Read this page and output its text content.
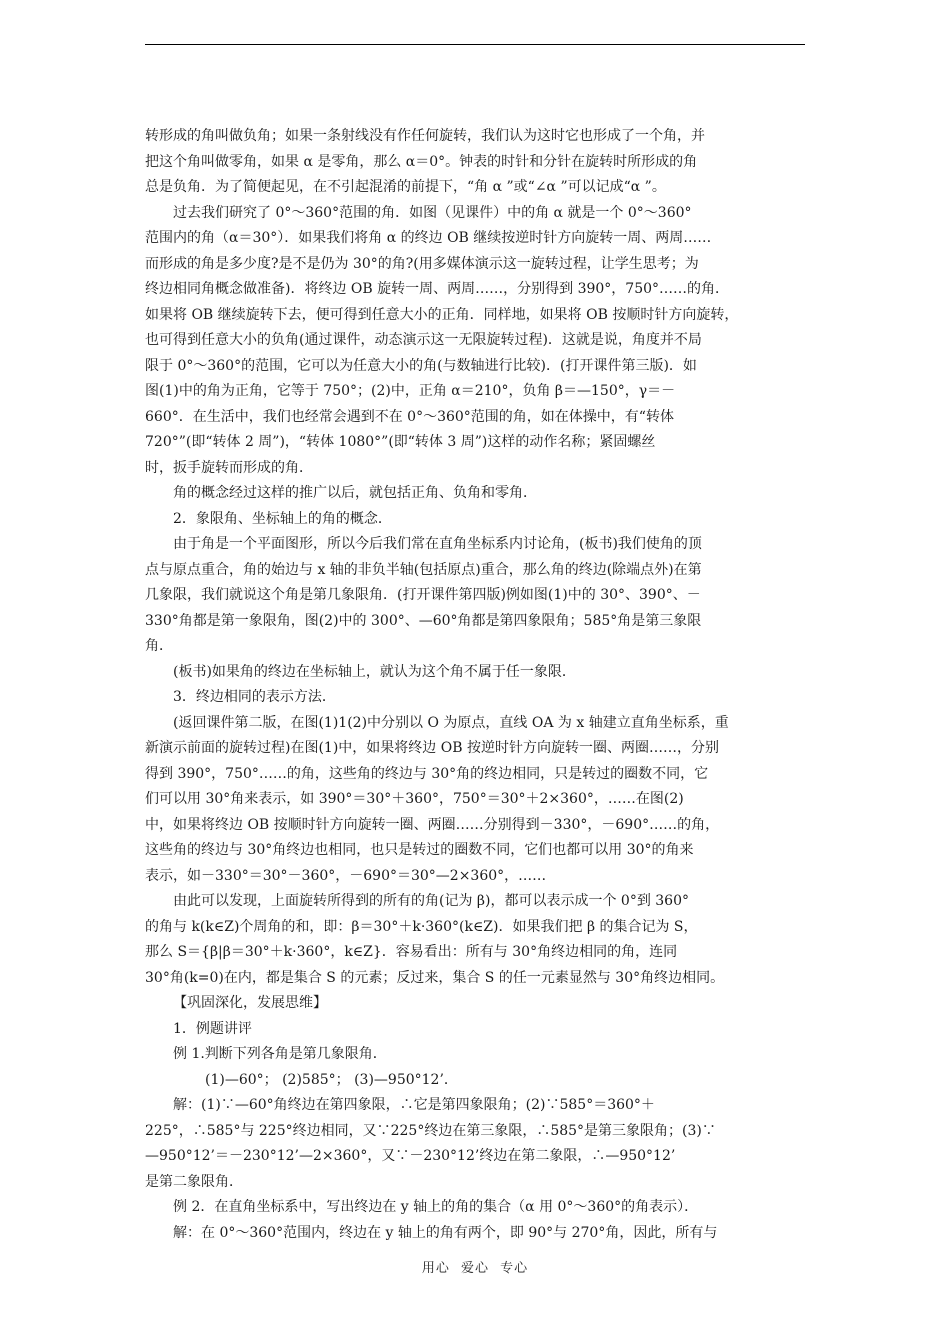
转形成的角叫做负角；如果一条射线没有作任何旋转，我们认为这时它也形成了一个角，并
把这个角叫做零角，如果 α 是零角，那么 α＝0°。钟表的时针和分针在旋转时所形成的角
总是负角．为了简便起见，在不引起混淆的前提下，“角 α ”或“∠α ”可以记成“α ”。
过去我们研究了 0°～360°范围的角．如图（见课件）中的角 α 就是一个 0°～360°
范围内的角（α＝30°）．如果我们将角 α 的终边 OB 继续按逆时针方向旋转一周、两周……
而形成的角是多少度?是不是仍为 30°的角?(用多媒体演示这一旋转过程，让学生思考；为
终边相同角概念做准备)．将终边 OB 旋转一周、两周……，分别得到 390°，750°……的角．
如果将 OB 继续旋转下去，便可得到任意大小的正角．同样地，如果将 OB 按顺时针方向旋转，
也可得到任意大小的负角(通过课件，动态演示这一无限旋转过程)．这就是说，角度并不局
限于 0°～360°的范围，它可以为任意大小的角(与数轴进行比较)．(打开课件第三版)．如
图(1)中的角为正角，它等于 750°；(2)中，正角 α＝210°，负角 β＝—150°，γ＝－
660°．在生活中，我们也经常会遇到不在 0°～360°范围的角，如在体操中，有“转体
720°”(即“转体 2 周”)，“转体 1080°”(即“转体 3 周”)这样的动作名称；紧固螺丝
时，扳手旋转而形成的角．
角的概念经过这样的推广以后，就包括正角、负角和零角．
2．象限角、坐标轴上的角的概念．
由于角是一个平面图形，所以今后我们常在直角坐标系内讨论角，(板书)我们使角的顶
点与原点重合，角的始边与 x 轴的非负半轴(包括原点)重合，那么角的终边(除端点外)在第
几象限，我们就说这个角是第几象限角．(打开课件第四版)例如图(1)中的 30°、390°、－
330°角都是第一象限角，图(2)中的 300°、—60°角都是第四象限角；585°角是第三象限
角．
(板书)如果角的终边在坐标轴上，就认为这个角不属于任一象限．
3．终边相同的表示方法．
(返回课件第二版，在图(1)1(2)中分别以 O 为原点，直线 OA 为 x 轴建立直角坐标系，重
新演示前面的旋转过程)在图(1)中，如果将终边 OB 按逆时针方向旋转一圈、两圈……，分别
得到 390°，750°……的角，这些角的终边与 30°角的终边相同，只是转过的圈数不同，它
们可以用 30°角来表示，如 390°＝30°＋360°，750°＝30°＋2×360°，……在图(2)
中，如果将终边 OB 按顺时针方向旋转一圈、两圈……分别得到－330°，－690°……的角，
这些角的终边与 30°角终边也相同，也只是转过的圈数不同，它们也都可以用 30°的角来
表示，如－330°＝30°－360°，－690°＝30°—2×360°，……
由此可以发现，上面旋转所得到的所有的角(记为 β)，都可以表示成一个 0°到 360°
的角与 k(k∈Z)个周角的和，即：β＝30°＋k·360°(k∈Z)．如果我们把 β 的集合记为 S，
那么 S＝{β|β＝30°＋k·360°，k∈Z}．容易看出：所有与 30°角终边相同的角，连同
30°角(k=0)在内，都是集合 S 的元素；反过来，集合 S 的任一元素显然与 30°角终边相同。
【巩固深化，发展思维】
1．例题讲评
例 1.判断下列各角是第几象限角．
(1)—60°； (2)585°； (3)—950°12’．
解：(1)∵—60°角终边在第四象限，∴它是第四象限角；(2)∵585°＝360°＋
225°，∴585°与 225°终边相同，又∵225°终边在第三象限，∴585°是第三象限角；(3)∵
—950°12’＝－230°12’—2×360°，又∵－230°12’终边在第二象限，∴—950°12’
是第二象限角．
例 2．在直角坐标系中，写出终边在 y 轴上的角的集合（α 用 0°～360°的角表示）．
解：在 0°～360°范围内，终边在 y 轴上的角有两个，即 90°与 270°角，因此，所有与
用心 爱心 专心
